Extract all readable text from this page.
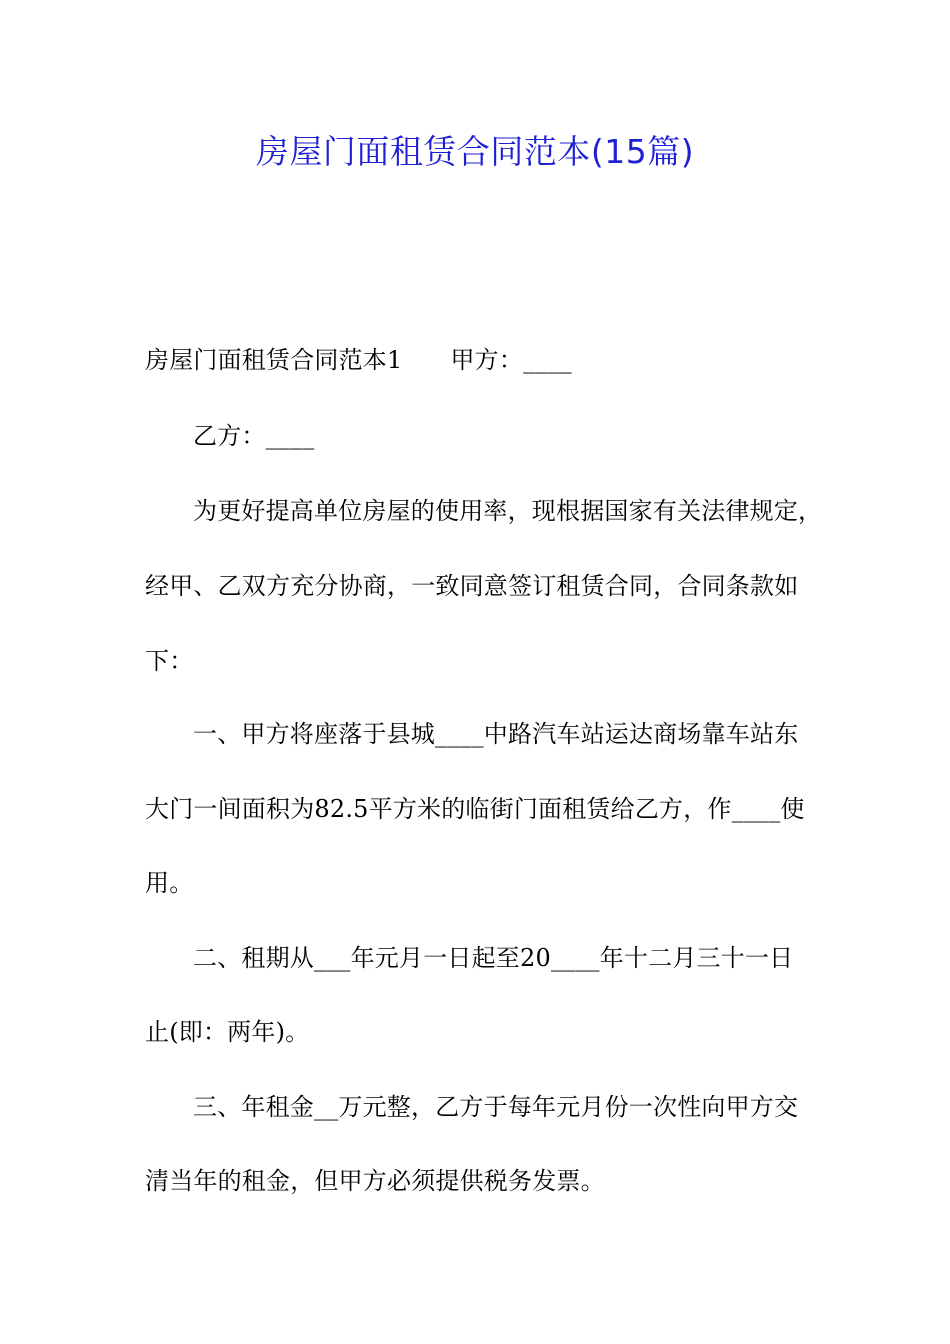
房屋门面租赁合同范本(15篇)
房屋门面租赁合同范本1 甲方：____
乙方：____
为更好提高单位房屋的使用率，现根据国家有关法律规定，
经甲、乙双方充分协商，一致同意签订租赁合同，合同条款如
下：
一、甲方将座落于县城____中路汽车站运达商场靠车站东
大门一间面积为82.5平方米的临街门面租赁给乙方，作____使
用。
二、租期从___年元月一日起至20____年十二月三十一日
止(即：两年)。
三、年租金__万元整，乙方于每年元月份一次性向甲方交
清当年的租金，但甲方必须提供税务发票。
